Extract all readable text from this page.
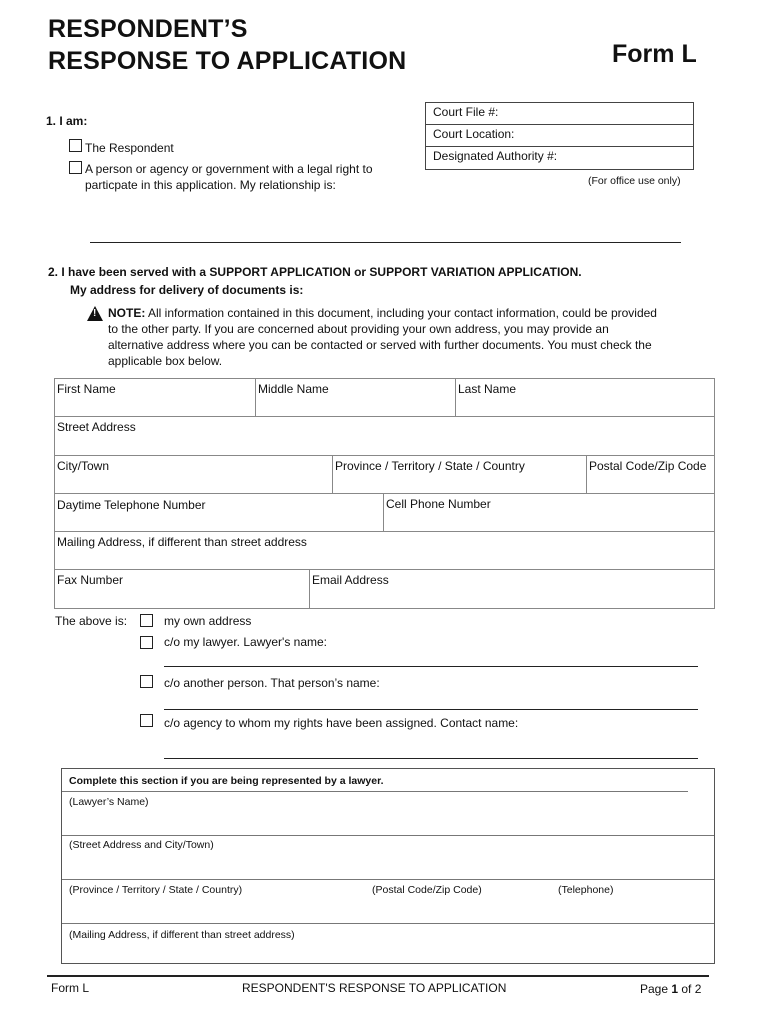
RESPONDENT’S
RESPONSE TO APPLICATION	Form L
Court File #:
Court Location:
Designated Authority #:
(For office use only)
1. I am:
The Respondent
A person or agency or government with a legal right to
particpate in this application. My relationship is:
2. I have been served with a SUPPORT APPLICATION or SUPPORT VARIATION APPLICATION.
My address for delivery of documents is:
! NOTE: All information contained in this document, including your contact information, could be provided
to the other party. If you are concerned about providing your own address, you may provide an
alternative address where you can be contacted or served with further documents. You must check the
applicable box below.
First Name	Middle Name	Last Name
Street Address
City/Town	Province / Territory / State / Country	Postal Code/Zip Code
Daytime Telephone Number	Cell Phone Number
Mailing Address, if different than street address
Fax Number	Email Address
The above is:	my own address
c/o my lawyer. Lawyer's name:
c/o another person. That person’s name:
c/o agency to whom my rights have been assigned. Contact name:
Complete this section if you are being represented by a lawyer.
(Lawyer’s Name)
(Street Address and City/Town)
(Province / Territory / State / Country)	(Postal Code/Zip Code)	(Telephone)
(Mailing Address, if different than street address)
Form L	RESPONDENT'S RESPONSE TO APPLICATION	Page 1 of 2
